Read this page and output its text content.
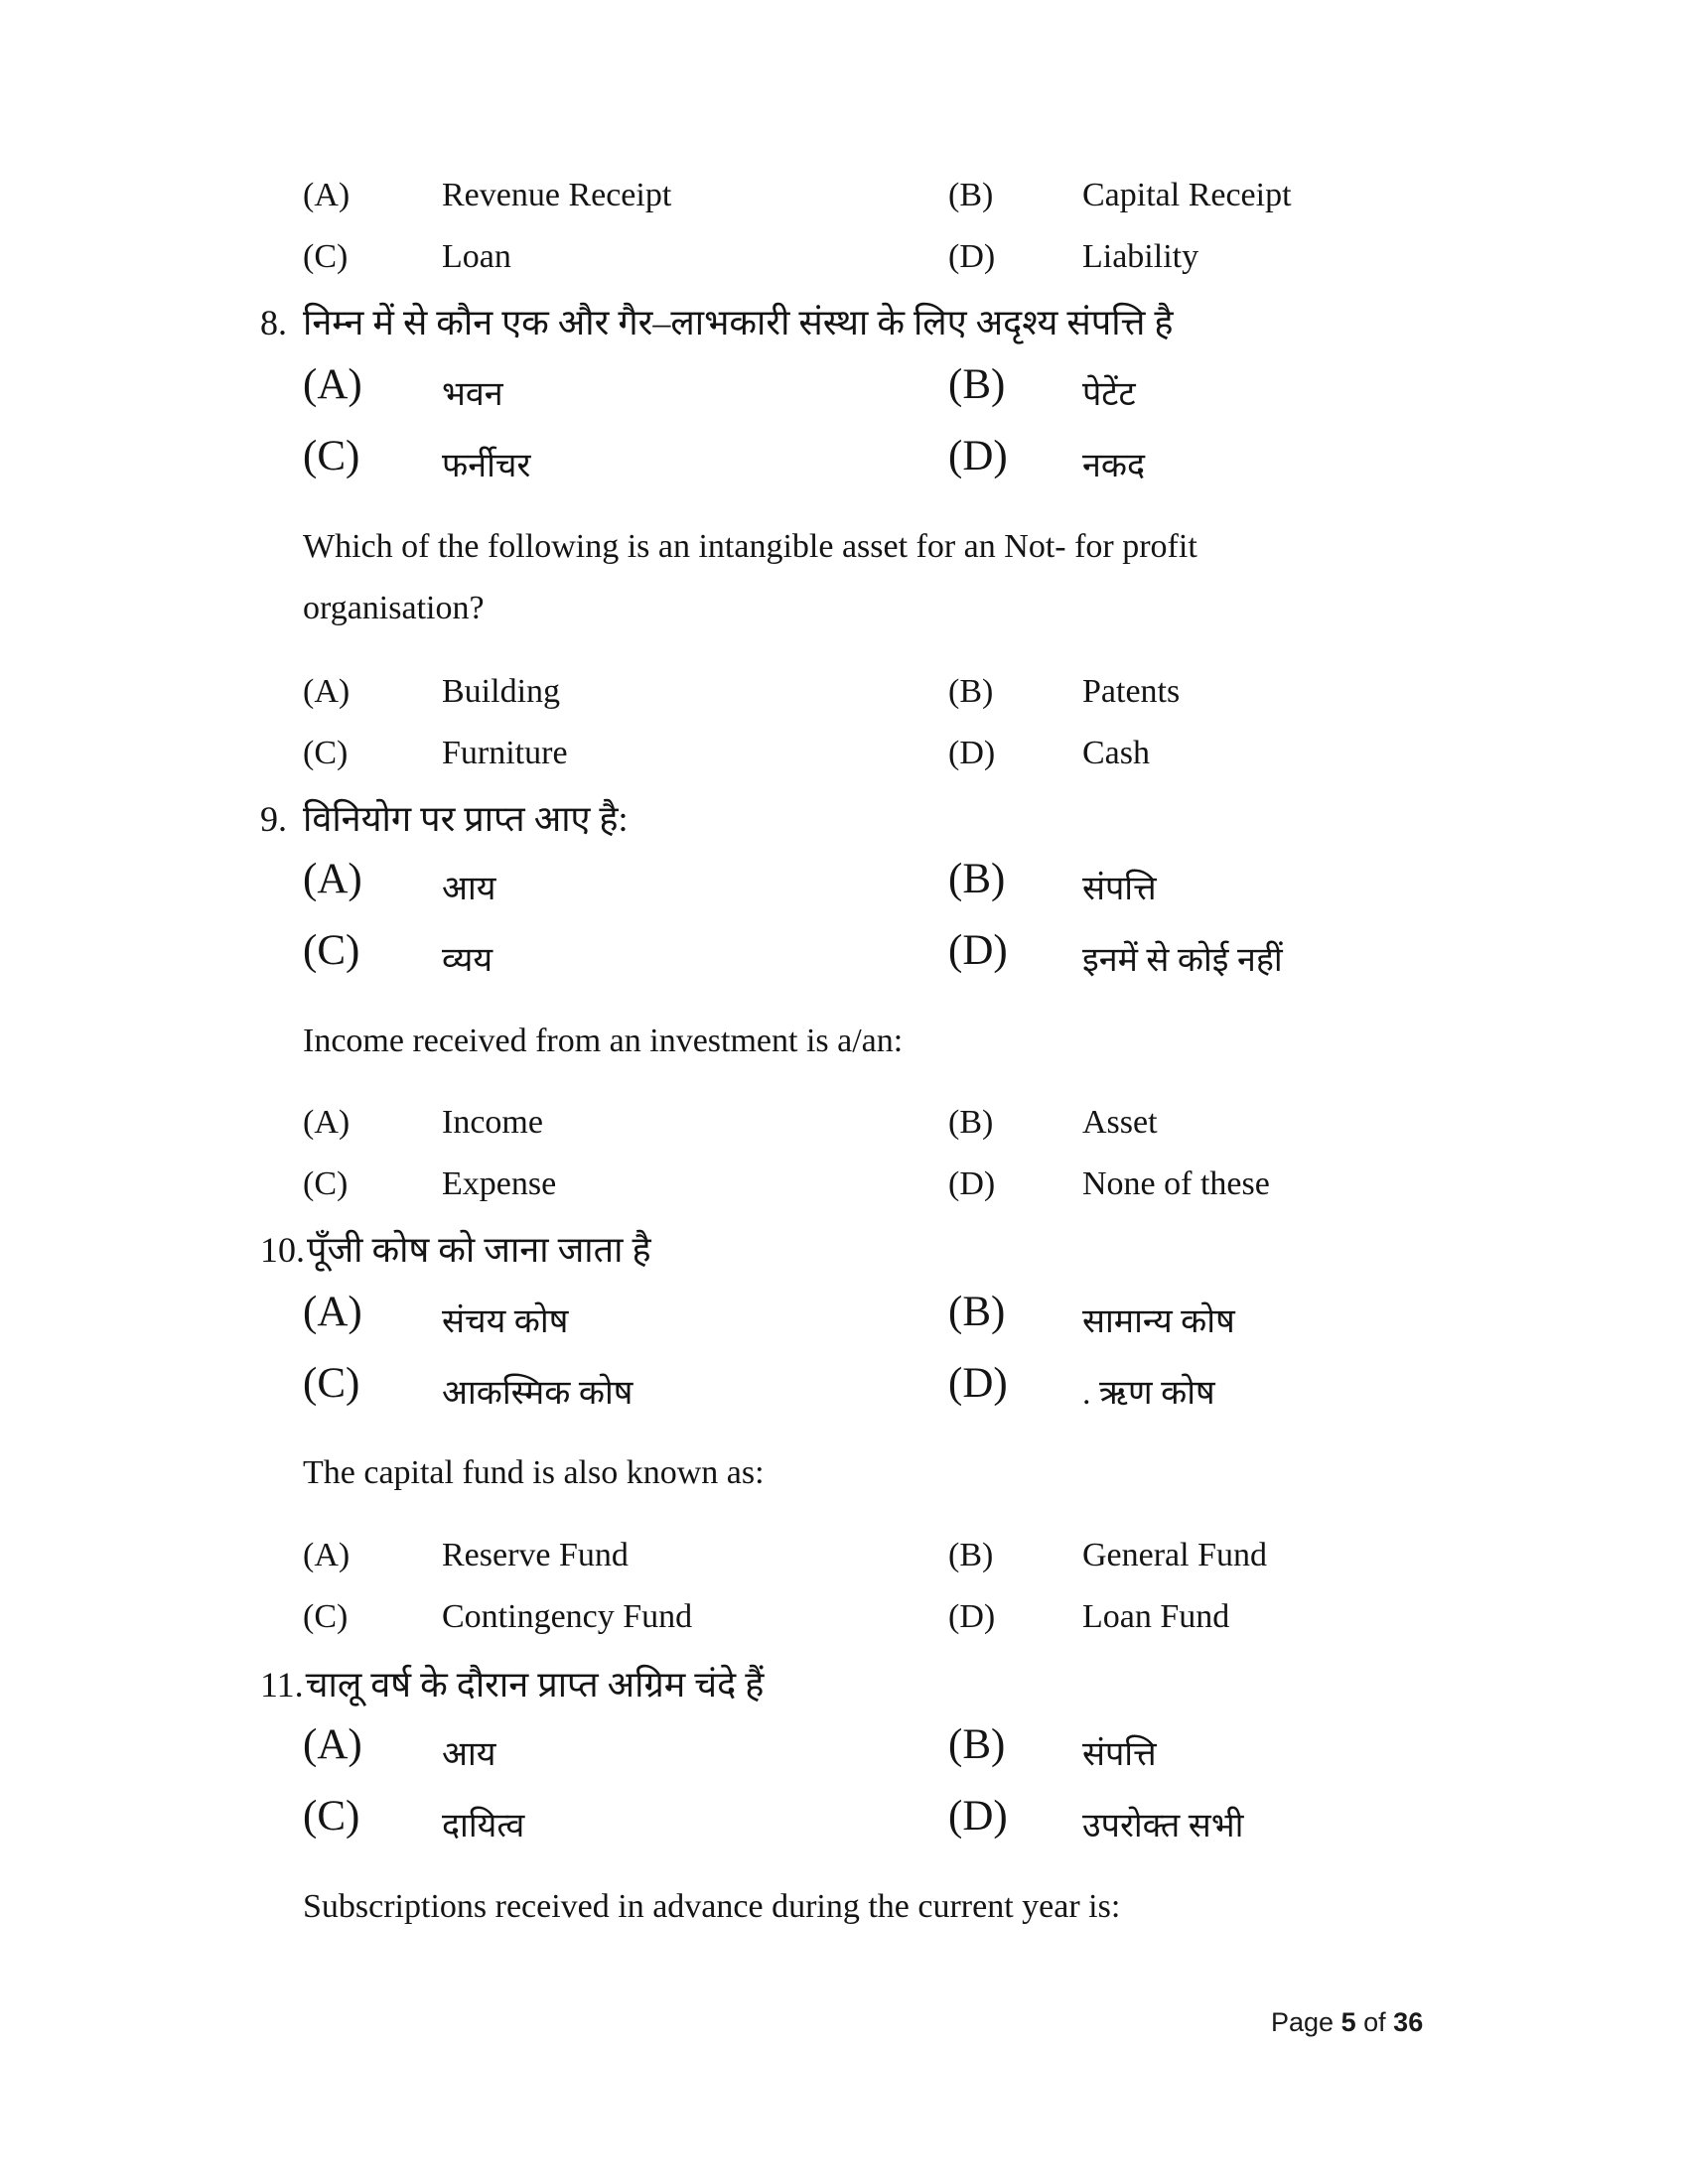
(A)	Revenue Receipt	(B)	Capital Receipt
(C)	Loan	(D)	Liability
8. निम्न में से कौन एक और गैर–लाभकारी संस्था के लिए अदृश्य संपत्ति है
(A) भवन	(B) पेटेंट
(C) फर्नीचर	(D) नकद
Which of the following is an intangible asset for an Not- for profit
organisation?
(A)	Building	(B)	Patents
(C)	Furniture	(D)	Cash
9. विनियोग पर प्राप्त आए है:
(A) आय	(B) संपत्ति
(C) व्यय	(D) इनमें से कोई नहीं
Income received from an investment is a/an:
(A)	Income	(B)	Asset
(C)	Expense	(D)	None of these
10.पूँजी कोष को जाना जाता है
(A) संचय कोष	(B) सामान्य कोष
(C) आकस्मिक कोष	(D) . ऋण कोष
The capital fund is also known as:
(A)	Reserve Fund	(B)	General Fund
(C)	Contingency Fund	(D)	Loan Fund
11.चालू वर्ष के दौरान प्राप्त अग्रिम चंदे हैं
(A) आय	(B) संपत्ति
(C) दायित्व	(D) उपरोक्त सभी
Subscriptions received in advance during the current year is:
Page 5 of 36
